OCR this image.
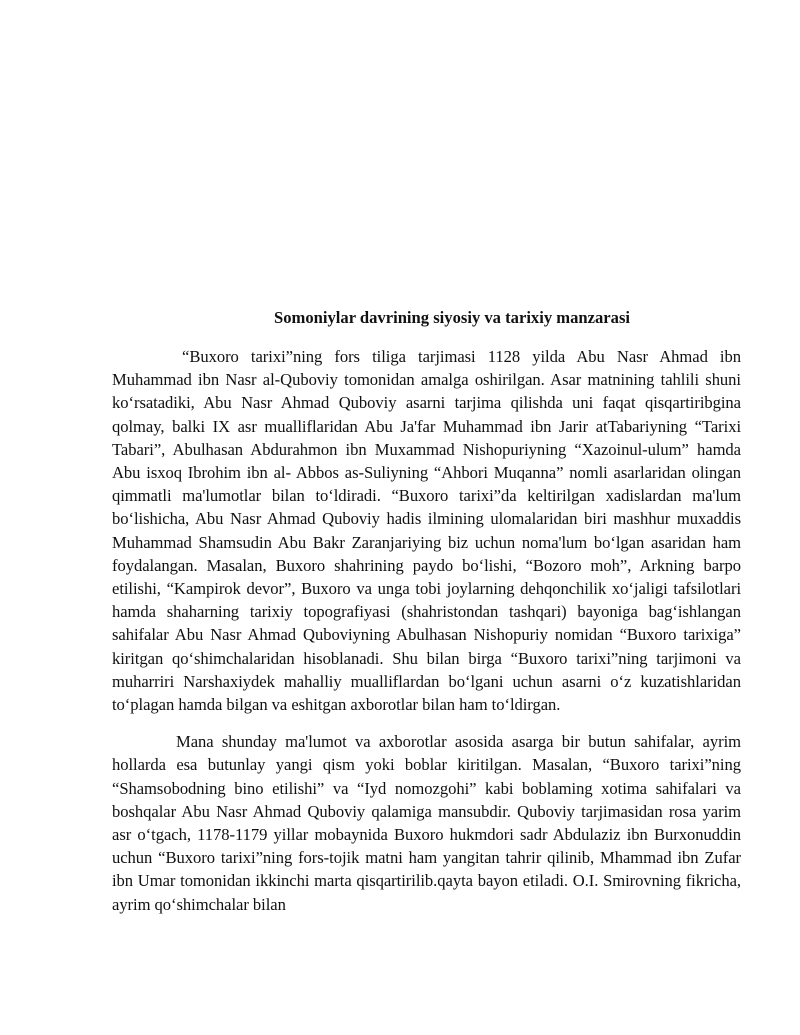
Somoniylar davrining siyosiy va tarixiy manzarasi

“Buxoro tarixi”ning fors tiliga tarjimasi 1128 yilda Abu Nasr Ahmad ibn Muhammad ibn Nasr al-Quboviy tomonidan amalga oshirilgan. Asar matnining tahlili shuni ko‘rsatadiki, Abu Nasr Ahmad Quboviy asarni tarjima qilishda uni faqat qisqartiribgina qolmay, balki IX asr mualliflaridan Abu Ja'far Muhammad ibn Jarir atTabariyning “Tarixi Tabari”, Abulhasan Abdurahmon ibn Muxammad Nishopuriyning “Xazoinul-ulum” hamda Abu isxoq Ibrohim ibn al- Abbos as-Suliyning “Ahbori Muqanna” nomli asarlaridan olingan qimmatli ma'lumotlar bilan to‘ldiradi. “Buxoro tarixi”da keltirilgan xadislardan ma'lum bo‘lishicha, Abu Nasr Ahmad Quboviy hadis ilmining ulomalaridan biri mashhur muxaddis Muhammad Shamsudin Abu Bakr Zaranjariying biz uchun noma'lum bo‘lgan asaridan ham foydalangan. Masalan, Buxoro shahrining paydo bo‘lishi, “Bozoro moh”, Arkning barpo etilishi, “Kampirok devor”, Buxoro va unga tobi joylarning dehqonchilik xo‘jaligi tafsilotlari hamda shaharning tarixiy topografiyasi (shahristondan tashqari) bayoniga bag‘ishlangan sahifalar Abu Nasr Ahmad Quboviyning Abulhasan Nishopuriy nomidan “Buxoro tarixiga” kiritgan qo‘shimchalaridan hisoblanadi. Shu bilan birga “Buxoro tarixi”ning tarjimoni va muharriri Narshaxiydek mahalliy mualliflardan bo‘lgani uchun asarni o‘z kuzatishlaridan to‘plagan hamda bilgan va eshitgan axborotlar bilan ham to‘ldirgan.

Mana shunday ma'lumot va axborotlar asosida asarga bir butun sahifalar, ayrim hollarda esa butunlay yangi qism yoki boblar kiritilgan. Masalan, “Buxoro tarixi”ning “Shamsobodning bino etilishi” va “Iyd nomozgohi” kabi boblaming xotima sahifalari va boshqalar Abu Nasr Ahmad Quboviy qalamiga mansubdir. Quboviy tarjimasidan rosa yarim asr o‘tgach, 1178-1179 yillar mobaynida Buxoro hukmdori sadr Abdulaziz ibn Burxonuddin uchun “Buxoro tarixi”ning fors-tojik matni ham yangitan tahrir qilinib, Mhammad ibn Zufar ibn Umar tomonidan ikkinchi marta qisqartirilib.qayta bayon etiladi. O.I. Smirovning fikricha, ayrim qo‘shimchalar bilan
